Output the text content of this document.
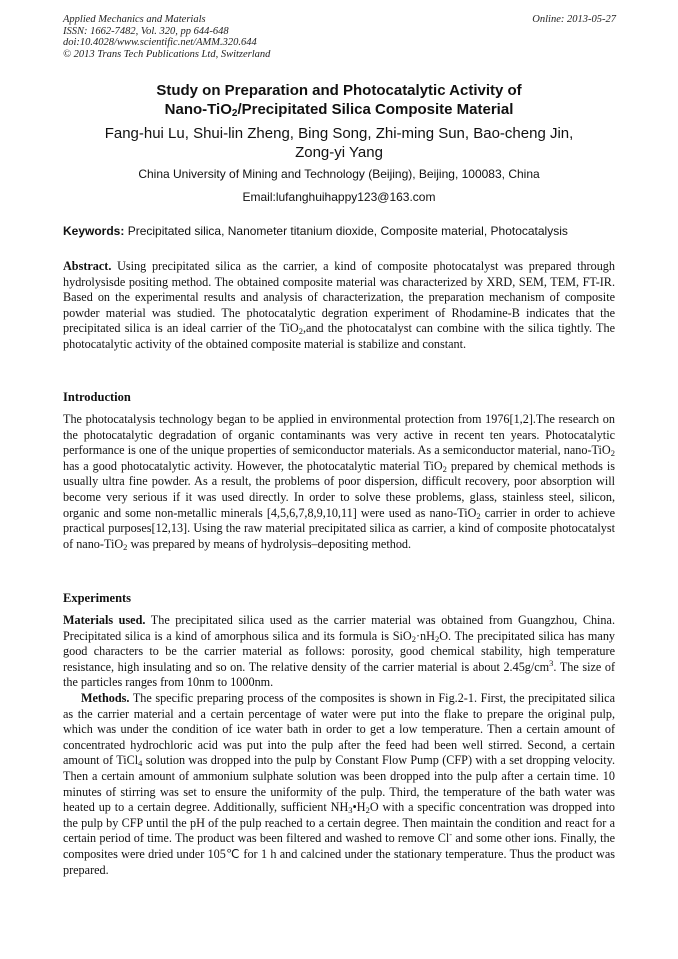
Applied Mechanics and Materials
ISSN: 1662-7482, Vol. 320, pp 644-648
doi:10.4028/www.scientific.net/AMM.320.644
© 2013 Trans Tech Publications Ltd, Switzerland
Online: 2013-05-27
Study on Preparation and Photocatalytic Activity of
Nano-TiO$_2$/Precipitated Silica Composite Material
Fang-hui Lu, Shui-lin Zheng, Bing Song, Zhi-ming Sun, Bao-cheng Jin,
Zong-yi Yang
China University of Mining and Technology (Beijing), Beijing, 100083, China
Email:lufanghuihappy123@163.com
Keywords: Precipitated silica, Nanometer titanium dioxide, Composite material, Photocatalysis

Abstract. Using precipitated silica as the carrier, a kind of composite photocatalyst was prepared through hydrolysisde positing method. The obtained composite material was characterized by XRD, SEM, TEM, FT-IR. Based on the experimental results and analysis of characterization, the preparation mechanism of composite powder material was studied. The photocatalytic degration experiment of Rhodamine-B indicates that the precipitated silica is an ideal carrier of the TiO$_2$,and the photocatalyst can combine with the silica tightly. The photocatalytic activity of the obtained composite material is stabilize and constant.

Introduction

The photocatalysis technology began to be applied in environmental protection from 1976[1,2].The research on the photocatalytic degradation of organic contaminants was very active in recent ten years. Photocatalytic performance is one of the unique properties of semiconductor materials. As a semiconductor material, nano-TiO$_2$ has a good photocatalytic activity. However, the photocatalytic material TiO$_2$ prepared by chemical methods is usually ultra fine powder. As a result, the problems of poor dispersion, difficult recovery, poor absorption will become very serious if it was used directly. In order to solve these problems, glass, stainless steel, silicon, organic and some non-metallic minerals [4,5,6,7,8,9,10,11] were used as nano-TiO$_2$ carrier in order to achieve practical purposes[12,13]. Using the raw material precipitated silica as carrier, a kind of composite photocatalyst of nano-TiO$_2$ was prepared by means of hydrolysis–depositing method.

Experiments

Materials used. The precipitated silica used as the carrier material was obtained from Guangzhou, China. Precipitated silica is a kind of amorphous silica and its formula is $SiO_2\cdot nH_2O$. The precipitated silica has many good characters to be the carrier material as follows: porosity, good chemical stability, high temperature resistance, high insulating and so on. The relative density of the carrier material is about $2.45g/cm^3$. The size of the particles ranges from 10nm to 1000nm.

Methods. The specific preparing process of the composites is shown in Fig.2-1. First, the precipitated silica as the carrier material and a certain percentage of water were put into the flake to prepare the original pulp, which was under the condition of ice water bath in order to get a low temperature. Then a certain amount of concentrated hydrochloric acid was put into the pulp after the feed had been well stirred. Second, a certain amount of TiCl$_4$ solution was dropped into the pulp by Constant Flow Pump (CFP) with a set dropping velocity. Then a certain amount of ammonium sulphate solution was been dropped into the pulp after a certain time. 10 minutes of stirring was set to ensure the uniformity of the pulp. Third, the temperature of the bath water was heated up to a certain degree. Additionally, sufficient $NH_3•H_2O$ with a specific concentration was dropped into the pulp by CFP until the pH of the pulp reached to a certain degree. Then maintain the condition and react for a certain period of time. The product was been filtered and washed to remove Cl- and some other ions. Finally, the composites were dried under 105℃ for 1 h and calcined under the stationary temperature. Thus the product was prepared.
